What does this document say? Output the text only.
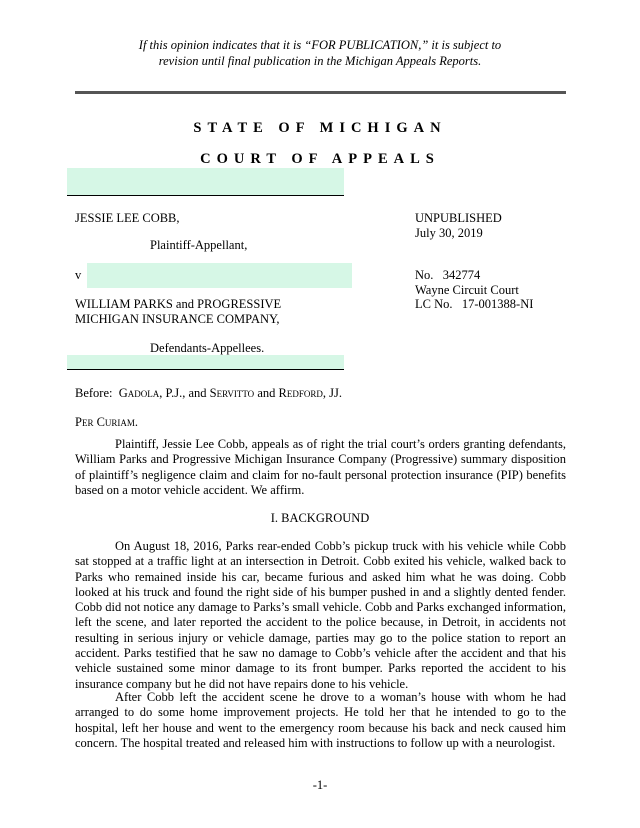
If this opinion indicates that it is “FOR PUBLICATION,” it is subject to
revision until final publication in the Michigan Appeals Reports.
STATE OF MICHIGAN
COURT OF APPEALS
JESSIE LEE COBB,
Plaintiff-Appellant,
v
WILLIAM PARKS and PROGRESSIVE
MICHIGAN INSURANCE COMPANY,
Defendants-Appellees.
UNPUBLISHED
July 30, 2019
No. 342774
Wayne Circuit Court
LC No. 17-001388-NI
Before: Gadola, P.J., and Servitto and Redford, JJ.
Per Curiam.
Plaintiff, Jessie Lee Cobb, appeals as of right the trial court’s orders granting defendants, William Parks and Progressive Michigan Insurance Company (Progressive) summary disposition of plaintiff’s negligence claim and claim for no-fault personal protection insurance (PIP) benefits based on a motor vehicle accident. We affirm.
I. BACKGROUND
On August 18, 2016, Parks rear-ended Cobb’s pickup truck with his vehicle while Cobb sat stopped at a traffic light at an intersection in Detroit. Cobb exited his vehicle, walked back to Parks who remained inside his car, became furious and asked him what he was doing. Cobb looked at his truck and found the right side of his bumper pushed in and a slightly dented fender. Cobb did not notice any damage to Parks’s small vehicle. Cobb and Parks exchanged information, left the scene, and later reported the accident to the police because, in Detroit, in accidents not resulting in serious injury or vehicle damage, parties may go to the police station to report an accident. Parks testified that he saw no damage to Cobb’s vehicle after the accident and that his vehicle sustained some minor damage to its front bumper. Parks reported the accident to his insurance company but he did not have repairs done to his vehicle.
After Cobb left the accident scene he drove to a woman’s house with whom he had arranged to do some home improvement projects. He told her that he intended to go to the hospital, left her house and went to the emergency room because his back and neck caused him concern. The hospital treated and released him with instructions to follow up with a neurologist.
-1-
